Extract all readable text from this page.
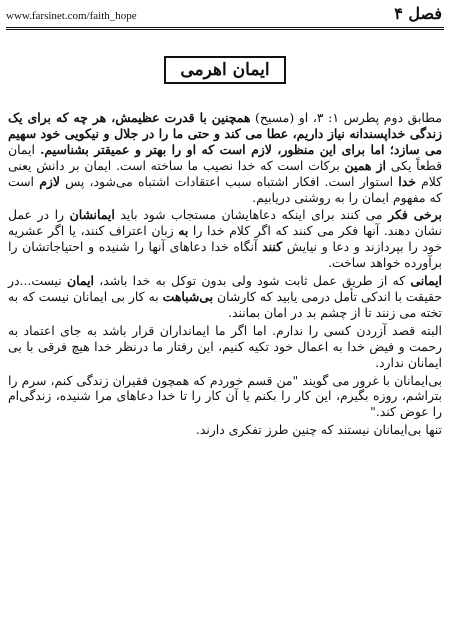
www.farsinet.com/faith_hope	فصل ۴
ایمان اهرمی

مطابق دوم پطرس ۱: ۳، او (مسیح) همچنین با قدرت عظیمش، هر چه که برای یک زندگی خداپسندانه نیاز داریم، عطا می کند و حتی ما را در جلال و نیکویی خود سهیم می سازد؛ اما برای این منظور، لازم است که او را بهتر و عمیقتر بشناسیم. ایمان قطعاً یکی از همین برکات است که خدا نصیب ما ساخته است. ایمان بر دانش یعنی کلام خدا استوار است. افکار اشتباه سبب اعتقادات اشتباه می‌شود، پس لازم است که مفهوم ایمان را به روشنی دریابیم.

برخی فکر می کنند برای اینکه دعاهایشان مستجاب شود باید ایمانشان را در عمل نشان دهند. آنها فکر می کنند که اگر کلام خدا را به زبان اعتراف کنند، یا اگر عشریه خود را بپردازند و دعا و نیایش کنند آنگاه خدا دعاهای آنها را شنیده و احتیاجاتشان را برآورده خواهد ساخت.

ایمانی که از طریق عمل ثابت شود ولی بدون توکل به خدا باشد، ایمان نیست...در حقیقت با اندکی تأمل درمی یابید که کارشان بی‌شباهت به کار بی ایمانان نیست که به تخته می زنند تا از چشم بد در امان بمانند.

البته قصد آزردن کسی را ندارم. اما اگر ما ایمانداران قرار باشد به جای اعتماد به رحمت و فیض خدا به اعمال خود تکیه کنیم، این رفتار ما درنظر خدا هیچ فرقی با بی ایمانان ندارد.

بی‌ایمانان با غرور می گویند "من قسم خوردم که همچون فقیران زندگی کنم، سرم را بتراشم، روزه بگیرم، این کار را بکنم یا آن کار را تا خدا دعاهای مرا شنیده، زندگی‌ام را عوض کند."

تنها بی‌ایمانان نیستند که چنین طرز تفکری دارند.
